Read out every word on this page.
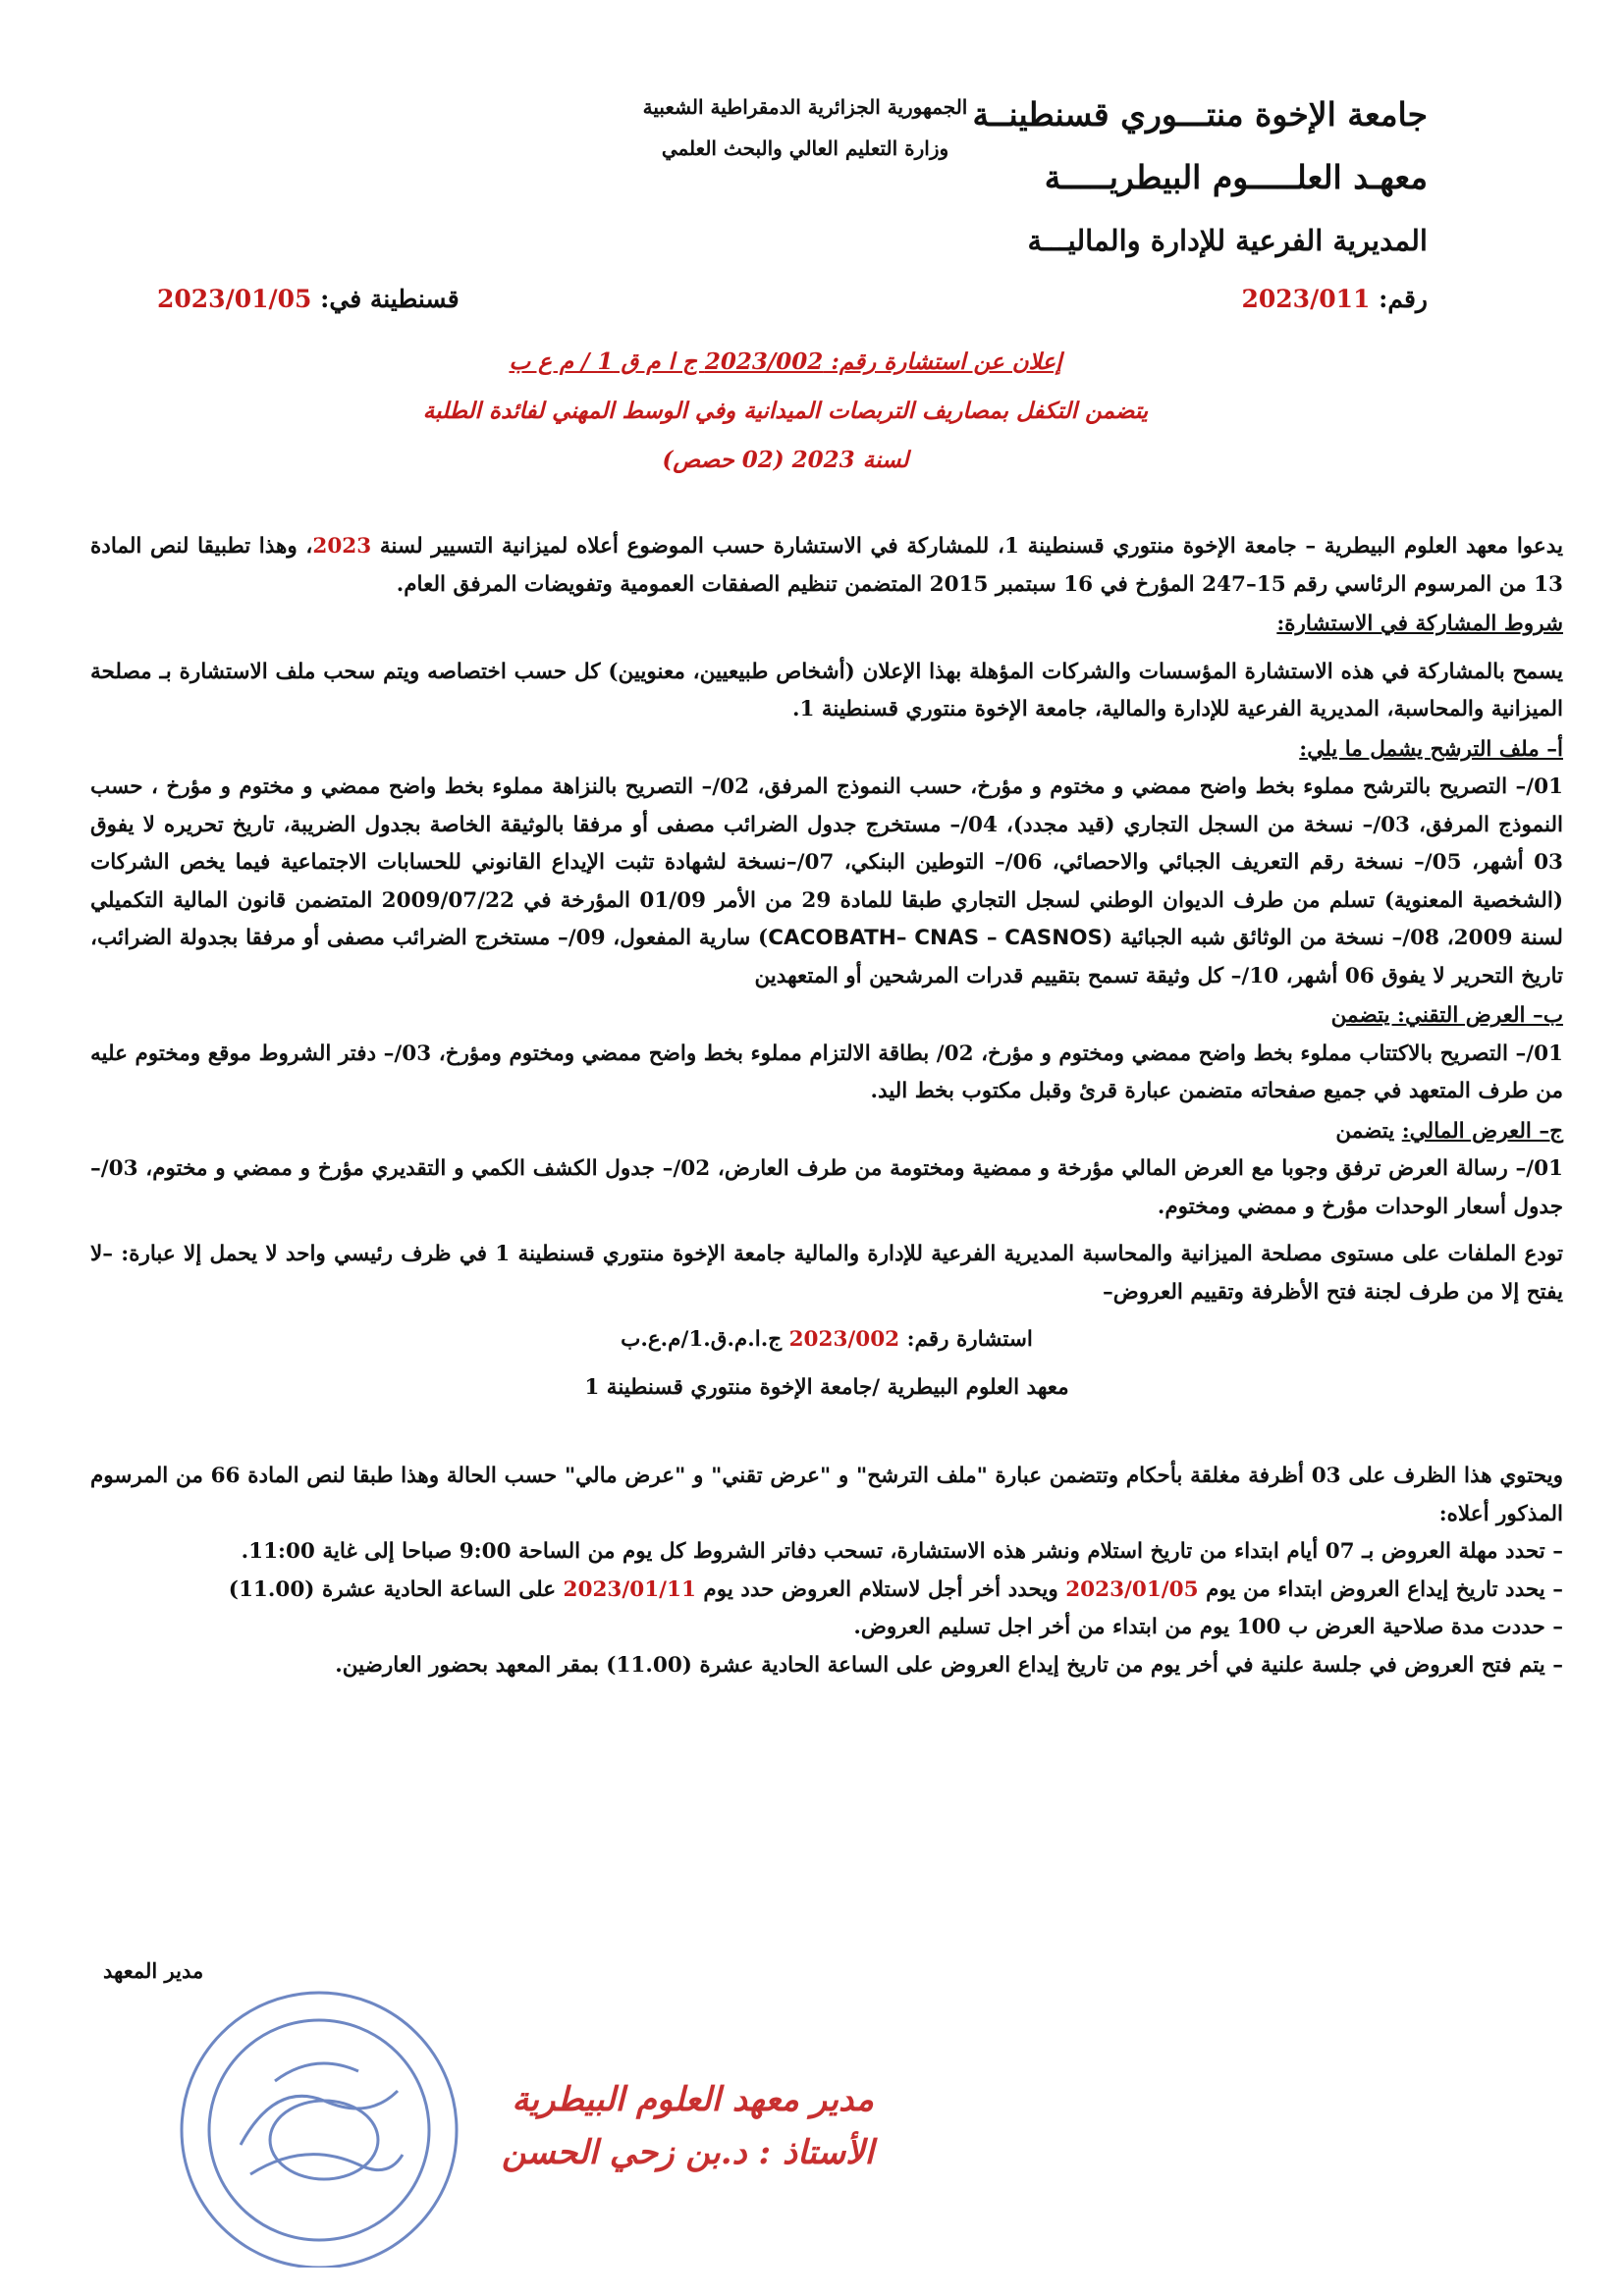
جامعة الإخوة منتـــوري قسنطينــة
معهـد العلـــــوم البيطريـــــة
المديرية الفرعية للإدارة والماليـــة
الجمهورية الجزائرية الدمقراطية الشعبية
وزارة التعليم العالي والبحث العلمي
رقم: 2023/011
قسنطينة في: 2023/01/05
إعلان عن استشارة رقم: 2023/002 ج ا م ق 1 / م ع ب
يتضمن التكفل بمصاريف التربصات الميدانية وفي الوسط المهني لفائدة الطلبة
لسنة 2023 (02 حصص)

يدعوا معهد العلوم البيطرية – جامعة الإخوة منتوري قسنطينة 1، للمشاركة في الاستشارة حسب الموضوع أعلاه لميزانية التسيير لسنة 2023، وهذا تطبيقا لنص المادة 13 من المرسوم الرئاسي رقم 15–247 المؤرخ في 16 سبتمبر 2015 المتضمن تنظيم الصفقات العمومية وتفويضات المرفق العام.

شروط المشاركة في الاستشارة:

يسمح بالمشاركة في هذه الاستشارة المؤسسات والشركات المؤهلة بهذا الإعلان (أشخاص طبيعيين، معنويين) كل حسب اختصاصه ويتم سحب ملف الاستشارة بـ مصلحة الميزانية والمحاسبة، المديرية الفرعية للإدارة والمالية، جامعة الإخوة منتوري قسنطينة 1.

أ– ملف الترشح يشمل ما يلي:

01/– التصريح بالترشح مملوء بخط واضح ممضي و مختوم و مؤرخ، حسب النموذج المرفق، 02/– التصريح بالنزاهة مملوء بخط واضح ممضي و مختوم و مؤرخ ، حسب النموذج المرفق، 03/– نسخة من السجل التجاري (قيد مجدد)، 04/– مستخرج جدول الضرائب مصفى أو مرفقا بالوثيقة الخاصة بجدول الضريبة، تاريخ تحريره لا يفوق 03 أشهر، 05/– نسخة رقم التعريف الجبائي والاحصائي، 06/– التوطين البنكي، 07/–نسخة لشهادة تثبت الإيداع القانوني للحسابات الاجتماعية فيما يخص الشركات (الشخصية المعنوية) تسلم من طرف الديوان الوطني لسجل التجاري طبقا للمادة 29 من الأمر 01/09 المؤرخة في 2009/07/22 المتضمن قانون المالية التكميلي لسنة 2009، 08/– نسخة من الوثائق شبه الجبائية (CACOBATH– CNAS – CASNOS) سارية المفعول، 09/– مستخرج الضرائب مصفى أو مرفقا بجدولة الضرائب، تاريخ التحرير لا يفوق 06 أشهر، 10/– كل وثيقة تسمح بتقييم قدرات المرشحين أو المتعهدين

ب– العرض التقني: يتضمن

01/– التصريح بالاكتتاب مملوء بخط واضح ممضي ومختوم و مؤرخ، 02/ بطاقة الالتزام مملوء بخط واضح ممضي ومختوم ومؤرخ، 03/– دفتر الشروط موقع ومختوم عليه من طرف المتعهد في جميع صفحاته متضمن عبارة قرئ وقبل مكتوب بخط اليد.

ج– العرض المالي: يتضمن

01/– رسالة العرض ترفق وجوبا مع العرض المالي مؤرخة و ممضية ومختومة من طرف العارض، 02/– جدول الكشف الكمي و التقديري مؤرخ و ممضي و مختوم، 03/– جدول أسعار الوحدات مؤرخ و ممضي ومختوم.

تودع الملفات على مستوى مصلحة الميزانية والمحاسبة المديرية الفرعية للإدارة والمالية جامعة الإخوة منتوري قسنطينة 1 في ظرف رئيسي واحد لا يحمل إلا عبارة: –لا يفتح إلا من طرف لجنة فتح الأظرفة وتقييم العروض–

استشارة رقم: 2023/002 ج.ا.م.ق.1/م.ع.ب

معهد العلوم البيطرية /جامعة الإخوة منتوري قسنطينة 1

ويحتوي هذا الظرف على 03 أظرفة مغلقة بأحكام وتتضمن عبارة "ملف الترشح" و "عرض تقني" و "عرض مالي" حسب الحالة وهذا طبقا لنص المادة 66 من المرسوم المذكور أعلاه:

– تحدد مهلة العروض بـ 07 أيام ابتداء من تاريخ استلام ونشر هذه الاستشارة، تسحب دفاتر الشروط كل يوم من الساحة 9:00 صباحا إلى غاية 11:00.

– يحدد تاريخ إيداع العروض ابتداء من يوم 2023/01/05 ويحدد أخر أجل لاستلام العروض حدد يوم 2023/01/11 على الساعة الحادية عشرة (11.00)

– حددت مدة صلاحية العرض ب 100 يوم من ابتداء من أخر اجل تسليم العروض.

– يتم فتح العروض في جلسة علنية في أخر يوم من تاريخ إيداع العروض على الساعة الحادية عشرة (11.00) بمقر المعهد بحضور العارضين.

مدير المعهد
مدير معهد العلوم البيطرية
الأستاذ : د.بن زحي الحسن
